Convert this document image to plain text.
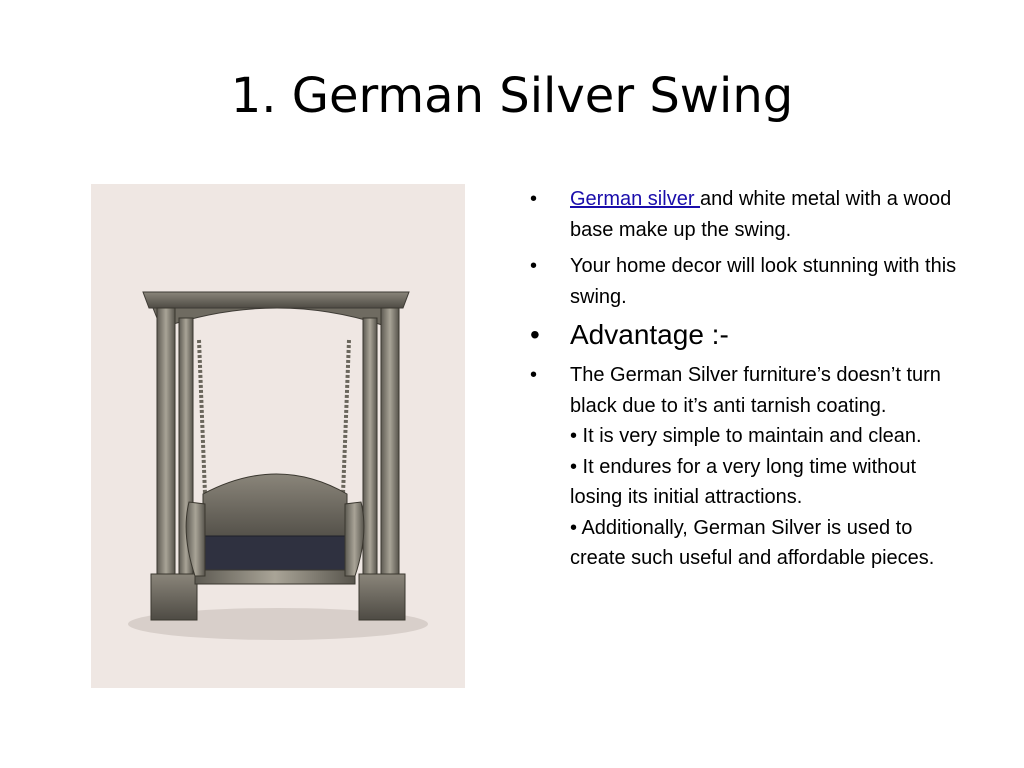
1. German Silver Swing
• German silver and white metal with a wood base make up the swing.
• Your home decor will look stunning with this swing.
• Advantage :-
• The German Silver furniture’s doesn’t turn black due to it’s anti tarnish coating.
• It is very simple to maintain and clean.
• It endures for a very long time without losing its initial attractions.
• Additionally, German Silver is used to create such useful and affordable pieces.
